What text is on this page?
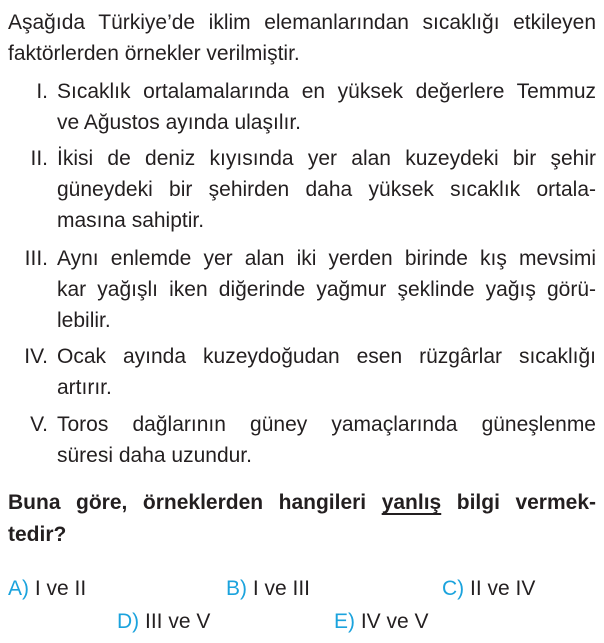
Aşağıda Türkiye’de iklim elemanlarından sıcaklığı etkileyen
faktörlerden örnekler verilmiştir.
I. Sıcaklık ortalamalarında en yüksek değerlere Temmuz
ve Ağustos ayında ulaşılır.
II. İkisi de deniz kıyısında yer alan kuzeydeki bir şehir
güneydeki bir şehirden daha yüksek sıcaklık ortala-
masına sahiptir.
III. Aynı enlemde yer alan iki yerden birinde kış mevsimi
kar yağışlı iken diğerinde yağmur şeklinde yağış görü-
lebilir.
IV. Ocak ayında kuzeydoğudan esen rüzgârlar sıcaklığı
artırır.
V. Toros dağlarının güney yamaçlarında güneşlenme
süresi daha uzundur.
Buna göre, örneklerden hangileri yanlış bilgi vermek-
tedir?
A) I ve II	B) I ve III	C) II ve IV
D) III ve V	E) IV ve V
